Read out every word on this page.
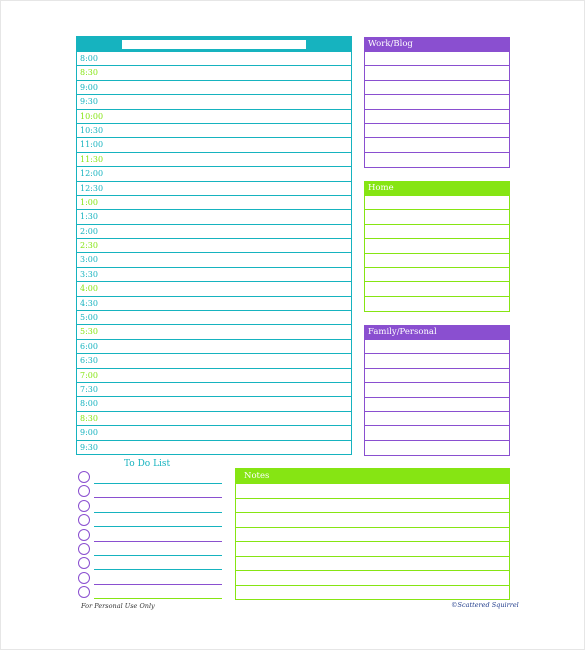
8:00
8:30
9:00
9:30
10:00
10:30
11:00
11:30
12:00
12:30
1:00
1:30
2:00
2:30
3:00
3:30
4:00
4:30
5:00
5:30
6:00
6:30
7:00
7:30
8:00
8:30
9:00
9:30
Work/Blog
Home
Family/Personal
To Do List
Notes
For Personal Use Only	©Scattered Squirrel
